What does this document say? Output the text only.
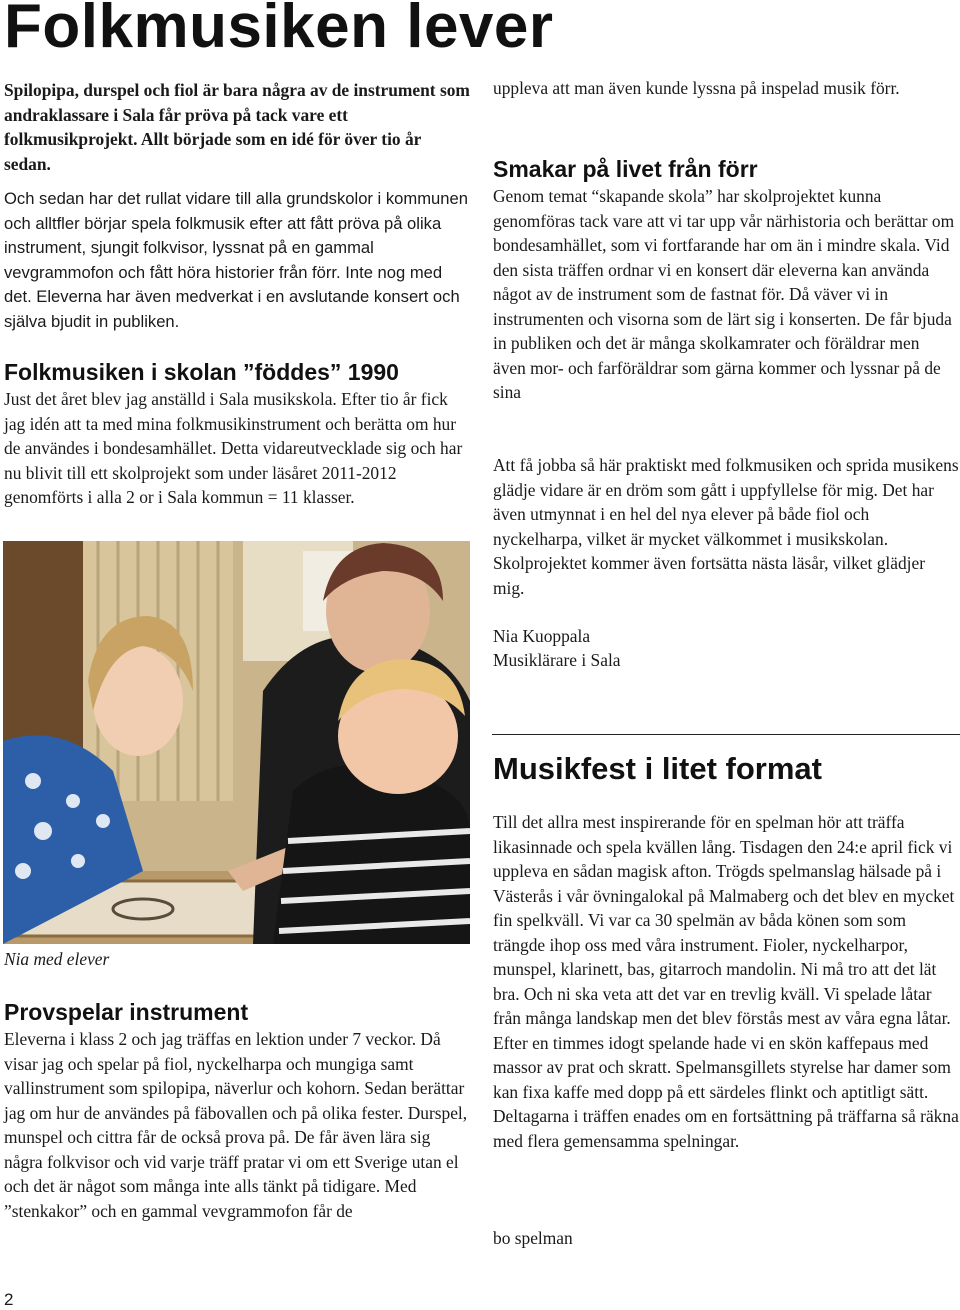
Folkmusiken lever
Spilopipa, durspel och fiol är bara några av de instrument som andraklassare i Sala får pröva på tack vare ett folkmusikprojekt. Allt började som en idé för över tio år sedan.
Och sedan har det rullat vidare till alla grundskolor i kommunen och alltfler börjar spela folkmusik efter att fått pröva på olika instrument, sjungit folkvisor, lyssnat på en gammal vevgrammofon och fått höra historier från förr. Inte nog med det. Eleverna har även medverkat i en avslutande konsert och själva bjudit in publiken.
Folkmusiken i skolan ”föddes” 1990
Just det året blev jag anställd i Sala musikskola. Efter tio år fick jag idén att ta med mina folkmusikinstrument och berätta om hur de användes i bondesamhället. Detta vidareutvecklade sig och har nu blivit till ett skolprojekt som under läsåret 2011-2012 genomförts i alla 2 or i Sala kommun = 11 klasser.
Nia med elever
Provspelar instrument
Eleverna i klass 2 och jag träffas en lektion under 7 veckor. Då visar jag och spelar på fiol, nyckelharpa och mungiga samt vallinstrument som spilopipa, näverlur och kohorn. Sedan berättar jag om hur de användes på fäbovallen och på olika fester. Durspel, munspel och cittra får de också prova på. De får även lära sig några folkvisor och vid varje träff pratar vi om ett Sverige utan el och det är något som många inte alls tänkt på tidigare. Med ”stenkakor” och en gammal vevgrammofon får de
uppleva att man även kunde lyssna på inspelad musik förr.
Smakar på livet från förr
Genom temat “skapande skola” har skolprojektet kunna genomföras tack vare att vi tar upp vår närhistoria och berättar om bondesamhället, som vi fortfarande har om än i mindre skala. Vid den sista träffen ordnar vi en konsert där eleverna kan använda något av de instrument som de fastnat för. Då väver vi in instrumenten och visorna som de lärt sig i konserten. De får bjuda in publiken och det är många skolkamrater och föräldrar men även mor- och farföräldrar som gärna kommer och lyssnar på de sina
Att få jobba så här praktiskt med folkmusiken och sprida musikens glädje vidare är en dröm som gått i uppfyllelse för mig. Det har även utmynnat i en hel del nya elever på både fiol och nyckelharpa, vilket är mycket välkommet i musikskolan. Skolprojektet kommer även fortsätta nästa läsår, vilket glädjer mig.
Nia Kuoppala
Musiklärare i Sala
Musikfest i litet format
Till det allra mest inspirerande för en spelman hör att träffa likasinnade och spela kvällen lång. Tisdagen den 24:e april fick vi uppleva en sådan magisk afton. Trögds spelmanslag hälsade på i Västerås i vår övningalokal på Malmaberg och det blev en mycket fin spelkväll. Vi var ca 30 spelmän av båda könen som som trängde ihop oss med våra instrument. Fioler, nyckelharpor, munspel, klarinett, bas, gitarroch mandolin. Ni må tro att det lät bra. Och ni ska veta att det var en trevlig kväll. Vi spelade låtar från många landskap men det blev förstås mest av våra egna låtar. Efter en timmes idogt spelande hade vi en skön kaffepaus med massor av prat och skratt. Spelmansgillets styrelse har damer som kan fixa kaffe med dopp på ett särdeles flinkt och aptitligt sätt. Deltagarna i träffen enades om en fortsättning på träffarna så räkna med flera gemensamma spelningar.
bo spelman
2
